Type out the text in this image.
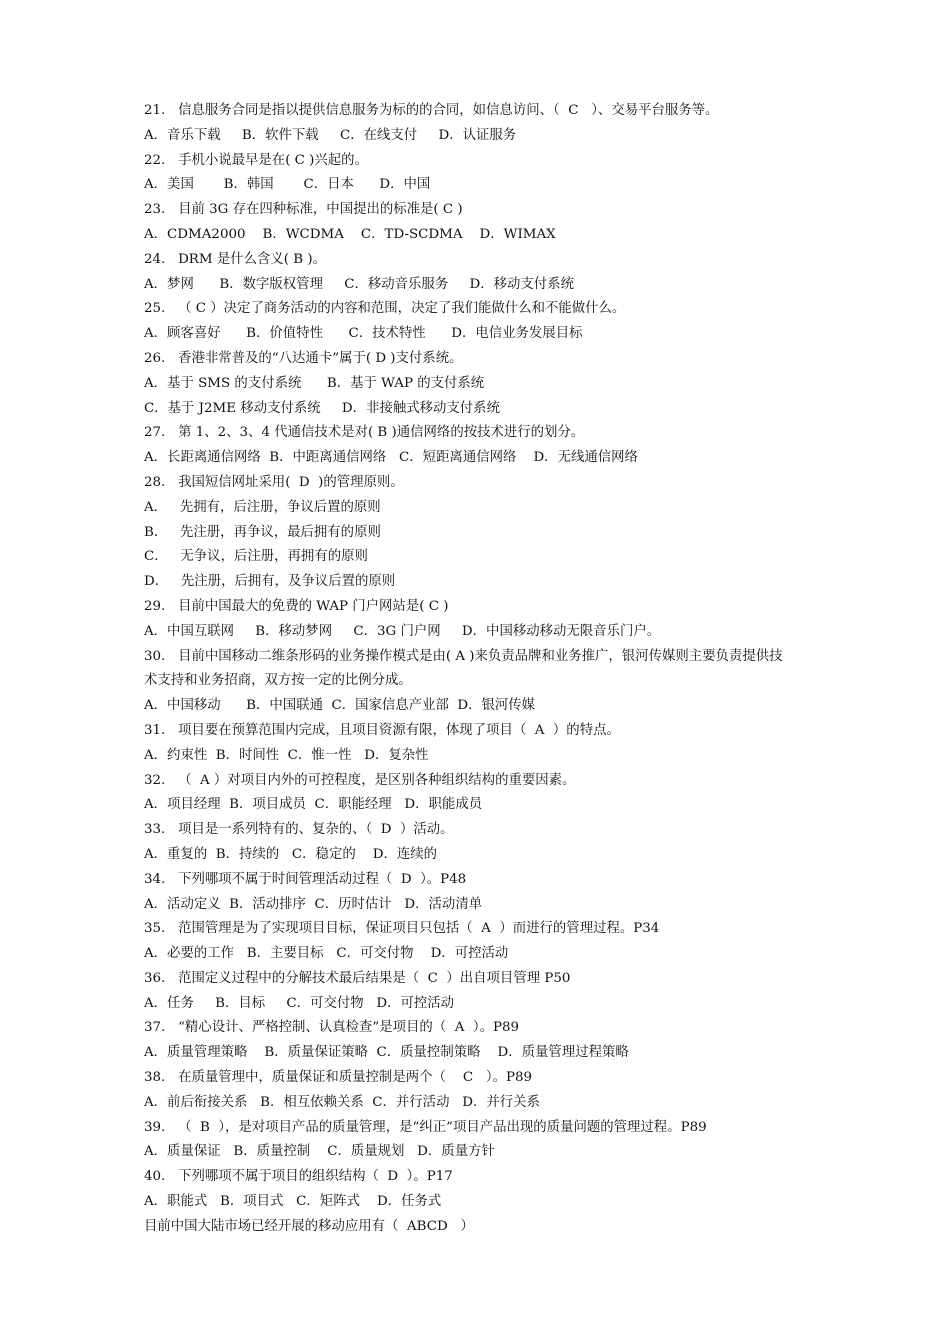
21.   信息服务合同是指以提供信息服务为标的的合同，如信息访问、（  C   ）、交易平台服务等。
A．音乐下载     B．软件下载     C．在线支付     D．认证服务
22.   手机小说最早是在( C )兴起的。
A．美国       B．韩国       C．日本      D．中国
23.   目前 3G 存在四种标准，中国提出的标准是( C )
A．CDMA2000    B．WCDMA    C．TD-SCDMA    D．WIMAX
24.   DRM 是什么含义( B )。
A．梦网      B．数字版权管理     C．移动音乐服务     D．移动支付系统
25.   （ C ）决定了商务活动的内容和范围，决定了我们能做什么和不能做什么。
A．顾客喜好      B．价值特性      C．技术特性      D．电信业务发展目标
26.   香港非常普及的“八达通卡”属于( D )支付系统。
A．基于 SMS 的支付系统      B．基于 WAP 的支付系统
C．基于 J2ME 移动支付系统     D．非接触式移动支付系统
27.   第 1、2、3、4 代通信技术是对( B )通信网络的按技术进行的划分。
A．长距离通信网络  B．中距离通信网络   C．短距离通信网络    D．无线通信网络
28.   我国短信网址采用(  D  )的管理原则。
A．   先拥有，后注册，争议后置的原则
B．   先注册，再争议，最后拥有的原则
C．   无争议，后注册，再拥有的原则
D．   先注册，后拥有，及争议后置的原则
29.   目前中国最大的免费的 WAP 门户网站是( C )
A．中国互联网     B．移动梦网     C．3G 门户网     D．中国移动移动无限音乐门户。
30.   目前中国移动二维条形码的业务操作模式是由( A )来负责品牌和业务推广，银河传媒则主要负责提供技
术支持和业务招商，双方按一定的比例分成。
A．中国移动      B．中国联通  C．国家信息产业部  D．银河传媒
31.   项目要在预算范围内完成，且项目资源有限，体现了项目（  A  ）的特点。
A．约束性  B．时间性  C．惟一性   D．复杂性
32.   （  A ）对项目内外的可控程度，是区别各种组织结构的重要因素。
A．项目经理  B．项目成员  C．职能经理   D．职能成员
33.   项目是一系列特有的、复杂的、（  D  ）活动。
A．重复的  B．持续的   C．稳定的    D．连续的
34.   下列哪项不属于时间管理活动过程（  D  ）。P48
A．活动定义  B．活动排序  C．历时估计   D．活动清单
35.   范围管理是为了实现项目目标，保证项目只包括（  A  ）而进行的管理过程。P34
A．必要的工作   B．主要目标   C．可交付物    D．可控活动
36.   范围定义过程中的分解技术最后结果是（  C  ）出自项目管理 P50
A．任务     B．目标     C．可交付物   D．可控活动
37.   “精心设计、严格控制、认真检查”是项目的（  A  ）。P89
A．质量管理策略    B．质量保证策略  C．质量控制策略    D．质量管理过程策略
38.   在质量管理中，质量保证和质量控制是两个（    C   ）。P89
A．前后衔接关系   B．相互依赖关系  C．并行活动   D．并行关系
39.   （  B  ），是对项目产品的质量管理，是“纠正”项目产品出现的质量问题的管理过程。P89
A．质量保证   B．质量控制    C．质量规划   D．质量方针
40.   下列哪项不属于项目的组织结构（  D  ）。P17
A．职能式   B．项目式   C．矩阵式    D．任务式
目前中国大陆市场已经开展的移动应用有（  ABCD   ）
